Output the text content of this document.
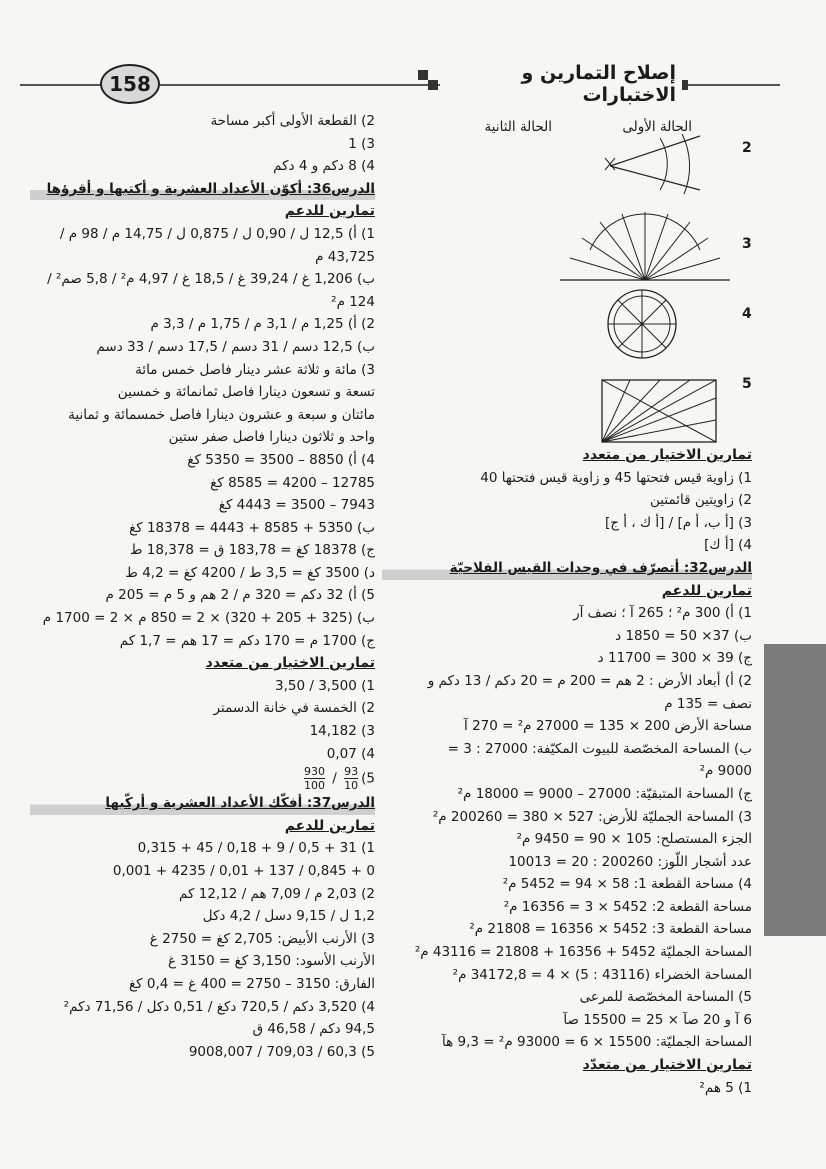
إصلاح التمارين و الاختبارات
158
الحالة الأولى
الحالة الثانية
2
3
4
5
تمارين الاختيار من متعدد
1) زاوية قيس فتحتها 45 و زاوية قيس فتحتها 40
2) زاويتين قائمتين
3) [أ ب، أ م] / [أ ك ، أ ج]
4) [أ ك]
الدرس32: أتصرّف في وحدات القيس الفلاحيّة
تمارين للدعم
1) أ) 300 م² ؛ 265 آ ؛ نصف آر
ب) 37× 50 = 1850 د
ج) 39 × 300 = 11700 د
2) أ) أبعاد الأرض : 2 هم = 200 م = 20 دكم / 13 دكم و
نصف = 135 م
مساحة الأرض 200 × 135 = 27000 م² = 270 آ
ب) المساحة المخصّصة للبيوت المكيّفة: 27000 : 3 =
9000 م²
ج) المساحة المتبقيّة: 27000 – 9000 = 18000 م²
3) المساحة الجمليّة للأرض: 527 × 380 = 200260 م²
الجزء المستصلح: 105 × 90 = 9450 م²
عدد أشجار اللّوز: 200260 : 20 = 10013
4) مساحة القطعة 1: 58 × 94 = 5452 م²
مساحة القطعة 2: 5452 × 3 = 16356 م²
مساحة القطعة 3: 5452 × 16356 = 21808 م²
المساحة الجمليّة 5452 + 16356 + 21808 = 43116 م²
المساحة الخضراء (43116 : 5) × 4 = 34172,8 م²
5) المساحة المخصّصة للمرعى
6 آ و 20 صآ × 25 = 15500 صآ
المساحة الجمليّة: 15500 × 6 = 93000 م² = 9,3 هآ
تمارين الاختيار من متعدّد
1) 5 هم²
2) القطعة الأولى أكبر مساحة
3) 1
4) 8 دكم و 4 دكم
الدرس36: أكوّن الأعداد العشرية و أكتبها و أقرؤها
تمارين للدعم
1) أ) 12,5 ل / 0,90 ل / 0,875 ل / 14,75 م / 98 م /
43,725 م
ب) 1,206 غ / 39,24 غ / 18,5 غ / 4,97 م² / 5,8 صم² /
124 م²
2) أ) 1,25 م / 3,1 م / 1,75 م / 3,3 م
ب) 12,5 دسم / 31 دسم / 17,5 دسم / 33 دسم
3) مائة و ثلاثة عشر دينار فاصل خمس مائة
تسعة و تسعون دينارا فاصل ثمانمائة و خمسين
مائتان و سبعة و عشرون دينارا فاصل خمسمائة و ثمانية
واحد و ثلاثون دينارا فاصل صفر ستين
4) أ) 8850 – 3500 = 5350 كغ
12785 – 4200 = 8585 كغ
7943 – 3500 = 4443 كغ
ب) 5350 + 8585 + 4443 = 18378 كغ
ج) 18378 كغ = 183,78 ق = 18,378 ط
د) 3500 كغ = 3,5 ط / 4200 كغ = 4,2 ط
5) أ) 32 دكم = 320 م / 2 هم و 5 م = 205 م
ب) (325 + 205 + 320) × 2 = 850 م × 2 = 1700 م
ج) 1700 م = 170 دكم = 17 هم = 1,7 كم
تمارين الاختيار من متعدد
1) 3,500 / 3,50
2) الخمسة في خانة الدسمتر
3) 14,182
4) 0,07
5)
$\frac{93}{10}$
/
$\frac{930}{100}$
الدرس37: أفكّك الأعداد العشرية و أركّبها
تمارين للدعم
1) 31 + 0,5 / 9 + 0,18 / 45 + 0,315
0 + 0,845 / 137 + 0,01 / 4235 + 0,001
2) 2,03 م / 7,09 هم / 12,12 كم
1,2 ل / 9,15 دسل / 4,2 دكل
3) الأرنب الأبيض: 2,705 كغ = 2750 غ
الأرنب الأسود: 3,150 كغ = 3150 غ
الفارق: 3150 – 2750 = 400 غ = 0,4 كغ
4) 3,520 دكم / 720,5 دكغ / 0,51 دكل / 71,56 دكم²
94,5 دكم / 46,58 ق
5) 60,3 / 709,03 / 9008,007
